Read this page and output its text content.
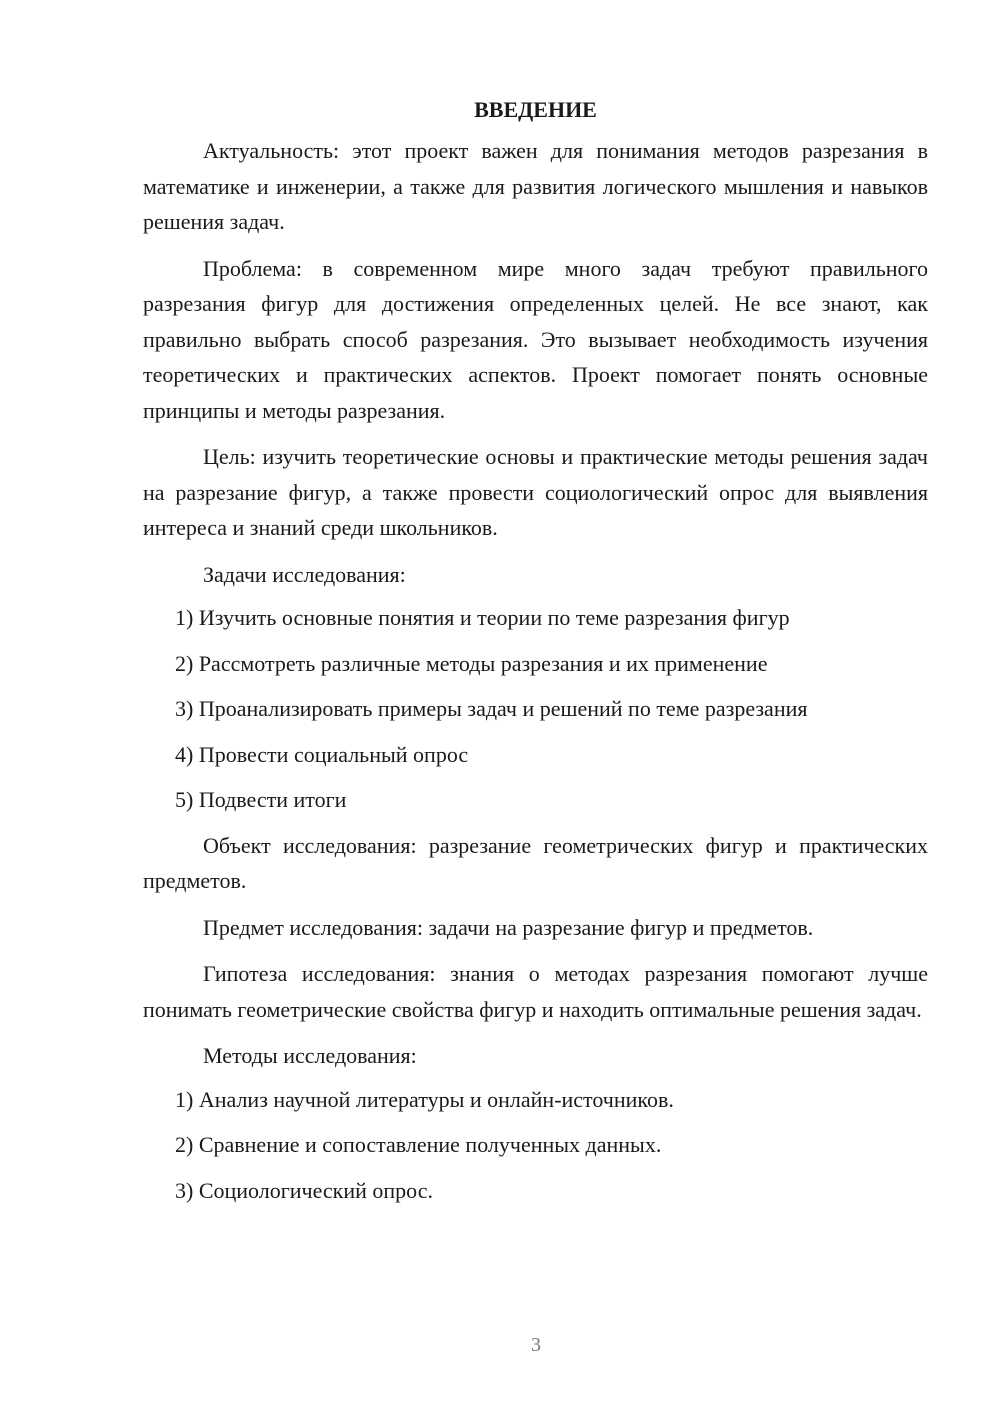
ВВЕДЕНИЕ

Актуальность: этот проект важен для понимания методов разрезания в математике и инженерии, а также для развития логического мышления и навыков решения задач.

Проблема: в современном мире много задач требуют правильного разрезания фигур для достижения определенных целей. Не все знают, как правильно выбрать способ разрезания. Это вызывает необходимость изучения теоретических и практических аспектов. Проект помогает понять основные принципы и методы разрезания.

Цель: изучить теоретические основы и практические методы решения задач на разрезание фигур, а также провести социологический опрос для выявления интереса и знаний среди школьников.

Задачи исследования:

1) Изучить основные понятия и теории по теме разрезания фигур
2) Рассмотреть различные методы разрезания и их применение
3) Проанализировать примеры задач и решений по теме разрезания
4) Провести социальный опрос
5) Подвести итоги

Объект исследования: разрезание геометрических фигур и практических предметов.

Предмет исследования: задачи на разрезание фигур и предметов.

Гипотеза исследования: знания о методах разрезания помогают лучше понимать геометрические свойства фигур и находить оптимальные решения задач.

Методы исследования:

1) Анализ научной литературы и онлайн-источников.
2) Сравнение и сопоставление полученных данных.
3) Социологический опрос.
3
